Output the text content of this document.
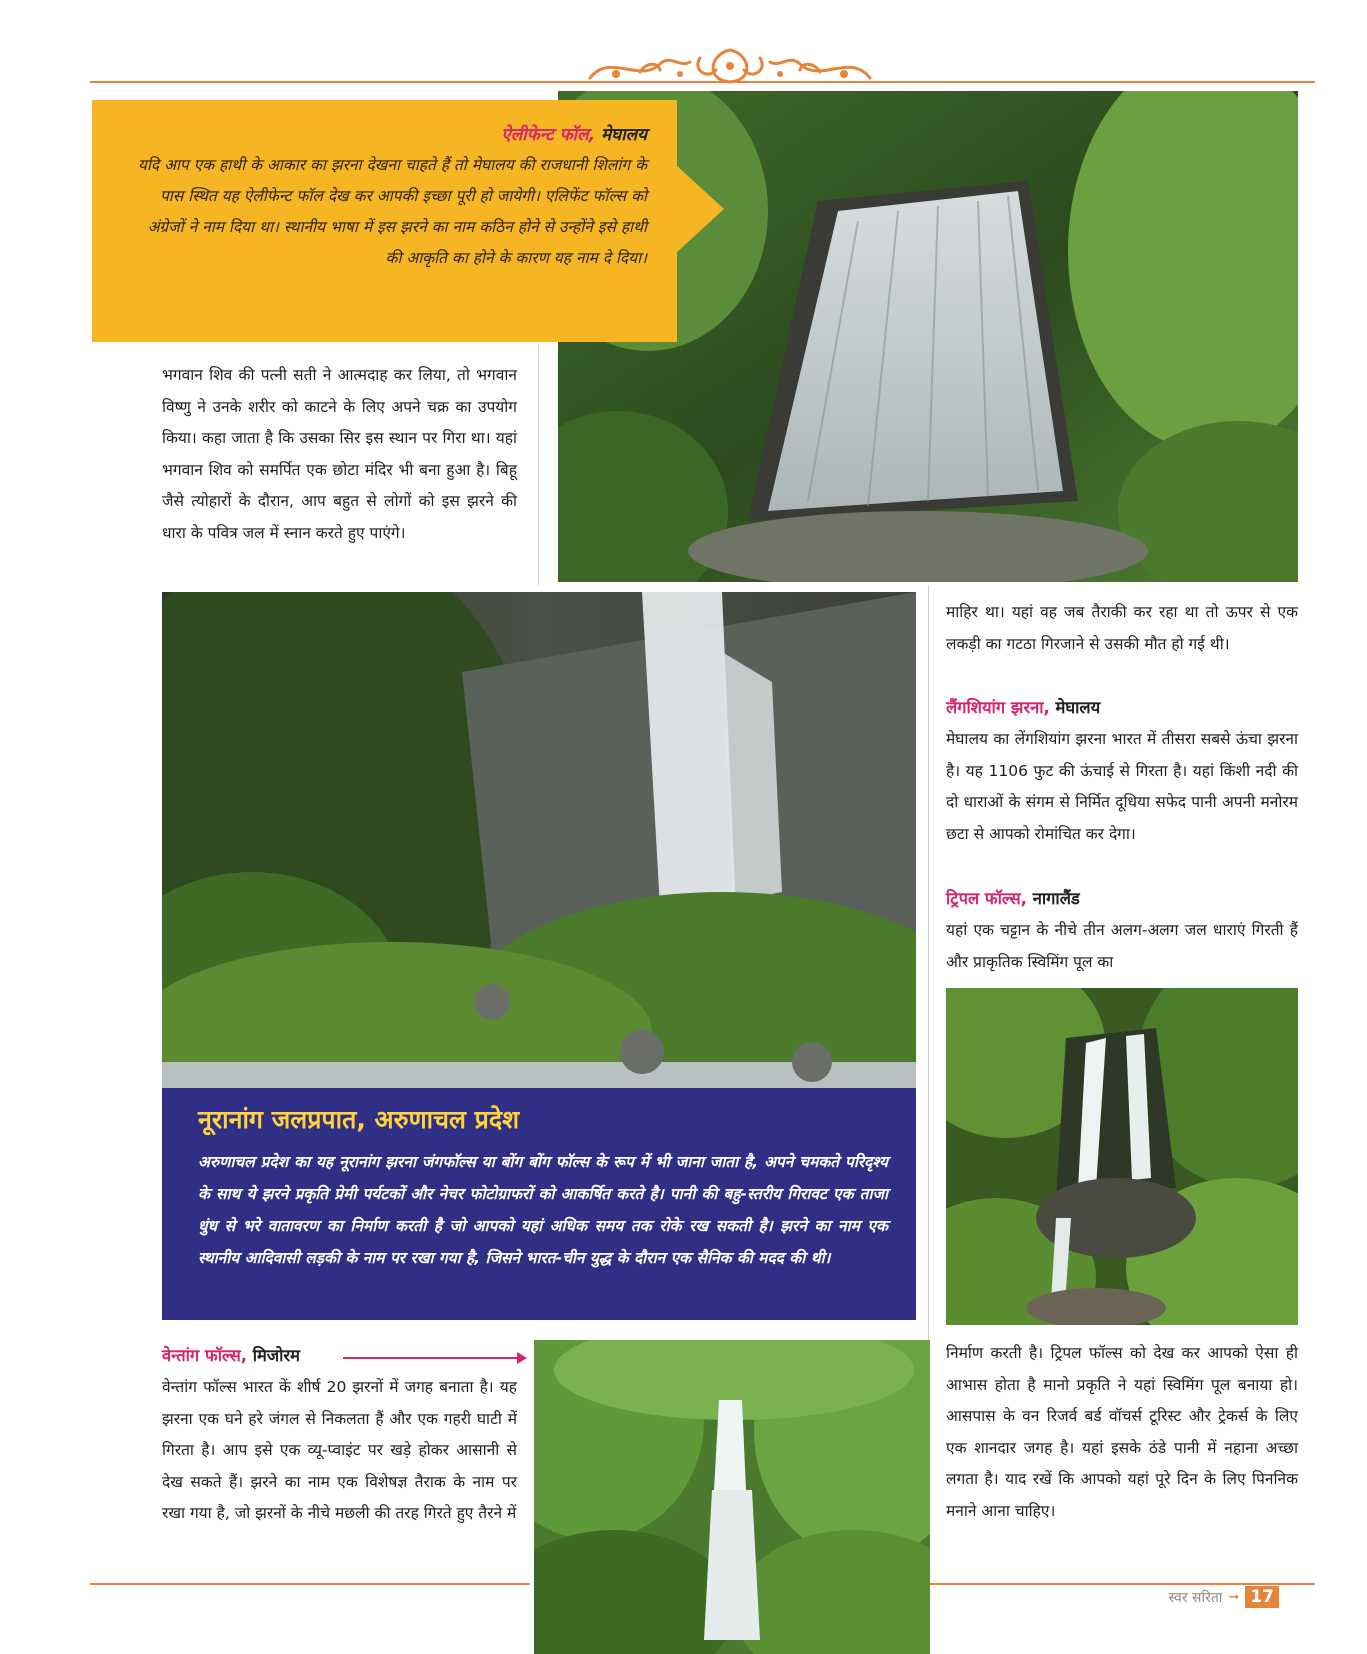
ऐलीफेन्ट फॉल, मेघालय
यदि आप एक हाथी के आकार का झरना देखना चाहते हैं तो मेघालय की राजधानी शिलांग के पास स्थित यह ऐलीफेन्ट फॉल देख कर आपकी इच्छा पूरी हो जायेगी। एलिफेंट फॉल्स को अंग्रेजों ने नाम दिया था। स्थानीय भाषा में इस झरने का नाम कठिन होने से उन्होंने इसे हाथी की आकृति का होने के कारण यह नाम दे दिया।
भगवान शिव की पत्नी सती ने आत्मदाह कर लिया, तो भगवान विष्णु ने उनके शरीर को काटने के लिए अपने चक्र का उपयोग किया। कहा जाता है कि उसका सिर इस स्थान पर गिरा था। यहां भगवान शिव को समर्पित एक छोटा मंदिर भी बना हुआ है। बिहू जैसे त्योहारों के दौरान, आप बहुत से लोगों को इस झरने की धारा के पवित्र जल में स्नान करते हुए पाएंगे।
नूरानांग जलप्रपात, अरुणाचल प्रदेश
अरुणाचल प्रदेश का यह नूरानांग झरना जंगफॉल्स या बोंग बोंग फॉल्स के रूप में भी जाना जाता है, अपने चमकते परिदृश्य के साथ ये झरने प्रकृति प्रेमी पर्यटकों और नेचर फोटोग्राफरों को आकर्षित करते है। पानी की बहु-स्तरीय गिरावट एक ताजा धुंध से भरे वातावरण का निर्माण करती है जो आपको यहां अधिक समय तक रोके रख सकती है। झरने का नाम एक स्थानीय आदिवासी लड़की के नाम पर रखा गया है, जिसने भारत-चीन युद्ध के दौरान एक सैनिक की मदद की थी।
माहिर था। यहां वह जब तैराकी कर रहा था तो ऊपर से एक लकड़ी का गटठा गिरजाने से उसकी मौत हो गई थी।
लैंगशियांग झरना, मेघालय
मेघालय का लेंगशियांग झरना भारत में तीसरा सबसे ऊंचा झरना है। यह 1106 फुट की ऊंचाई से गिरता है। यहां किंशी नदी की दो धाराओं के संगम से निर्मित दूधिया सफेद पानी अपनी मनोरम छटा से आपको रोमांचित कर देगा।
ट्रिपल फॉल्स, नागालैंड
यहां एक चट्टान के नीचे तीन अलग-अलग जल धाराएं गिरती हैं और प्राकृतिक स्विमिंग पूल का
निर्माण करती है। ट्रिपल फॉल्स को देख कर आपको ऐसा ही आभास होता है मानो प्रकृति ने यहां स्विमिंग पूल बनाया हो। आसपास के वन रिजर्व बर्ड वॉचर्स टूरिस्ट और ट्रेकर्स के लिए एक शानदार जगह है। यहां इसके ठंडे पानी में नहाना अच्छा लगता है। याद रखें कि आपको यहां पूरे दिन के लिए पिननिक मनाने आना चाहिए।
वेन्तांग फॉल्स, मिजोरम
वेन्तांग फॉल्स भारत कें शीर्ष 20 झरनों में जगह बनाता है। यह झरना एक घने हरे जंगल से निकलता हैं और एक गहरी घाटी में गिरता है। आप इसे एक व्यू-प्वाइंट पर खड़े होकर आसानी से देख सकते हैं। झरने का नाम एक विशेषज्ञ तैराक के नाम पर रखा गया है, जो झरनों के नीचे मछली की तरह गिरते हुए तैरने में
स्वर सरिता ➞ 17
